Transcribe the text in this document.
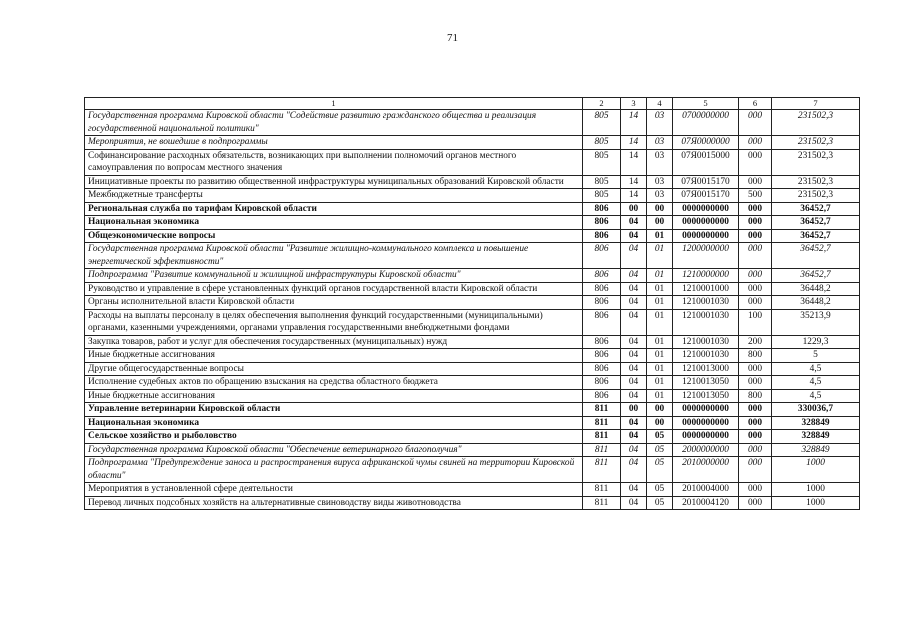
71
1	2	3	4	5	6	7
Государственная программа Кировской области "Содействие развитию гражданского общества и реализация государственной национальной политики"	805	14	03	0700000000	000	231502,3
Мероприятия, не вошедшие в подпрограммы	805	14	03	07Я0000000	000	231502,3
Софинансирование расходных обязательств, возникающих при выполнении полномочий органов местного самоуправления по вопросам местного значения	805	14	03	07Я0015000	000	231502,3
Инициативные проекты по развитию общественной инфраструктуры муниципальных образований Кировской области	805	14	03	07Я0015170	000	231502,3
Межбюджетные трансферты	805	14	03	07Я0015170	500	231502,3
Региональная служба по тарифам Кировской области	806	00	00	0000000000	000	36452,7
Национальная экономика	806	04	00	0000000000	000	36452,7
Общеэкономические вопросы	806	04	01	0000000000	000	36452,7
Государственная программа Кировской области "Развитие жилищно-коммунального комплекса и повышение энергетической эффективности"	806	04	01	1200000000	000	36452,7
Подпрограмма "Развитие коммунальной и жилищной инфраструктуры Кировской области"	806	04	01	1210000000	000	36452,7
Руководство и управление в сфере установленных функций органов государственной власти Кировской области	806	04	01	1210001000	000	36448,2
Органы исполнительной власти Кировской области	806	04	01	1210001030	000	36448,2
Расходы на выплаты персоналу в целях обеспечения выполнения функций государственными (муниципальными) органами, казенными учреждениями, органами управления государственными внебюджетными фондами	806	04	01	1210001030	100	35213,9
Закупка товаров, работ и услуг для обеспечения государственных (муниципальных) нужд	806	04	01	1210001030	200	1229,3
Иные бюджетные ассигнования	806	04	01	1210001030	800	5
Другие общегосударственные вопросы	806	04	01	1210013000	000	4,5
Исполнение судебных актов по обращению взыскания на средства областного бюджета	806	04	01	1210013050	000	4,5
Иные бюджетные ассигнования	806	04	01	1210013050	800	4,5
Управление ветеринарии Кировской области	811	00	00	0000000000	000	330036,7
Национальная экономика	811	04	00	0000000000	000	328849
Сельское хозяйство и рыболовство	811	04	05	0000000000	000	328849
Государственная программа Кировской области "Обеспечение ветеринарного благополучия"	811	04	05	2000000000	000	328849
Подпрограмма "Предупреждение заноса и распространения вируса африканской чумы свиней на территории Кировской области"	811	04	05	2010000000	000	1000
Мероприятия в установленной сфере деятельности	811	04	05	2010004000	000	1000
Перевод личных подсобных хозяйств на альтернативные свиноводству виды животноводства	811	04	05	2010004120	000	1000
